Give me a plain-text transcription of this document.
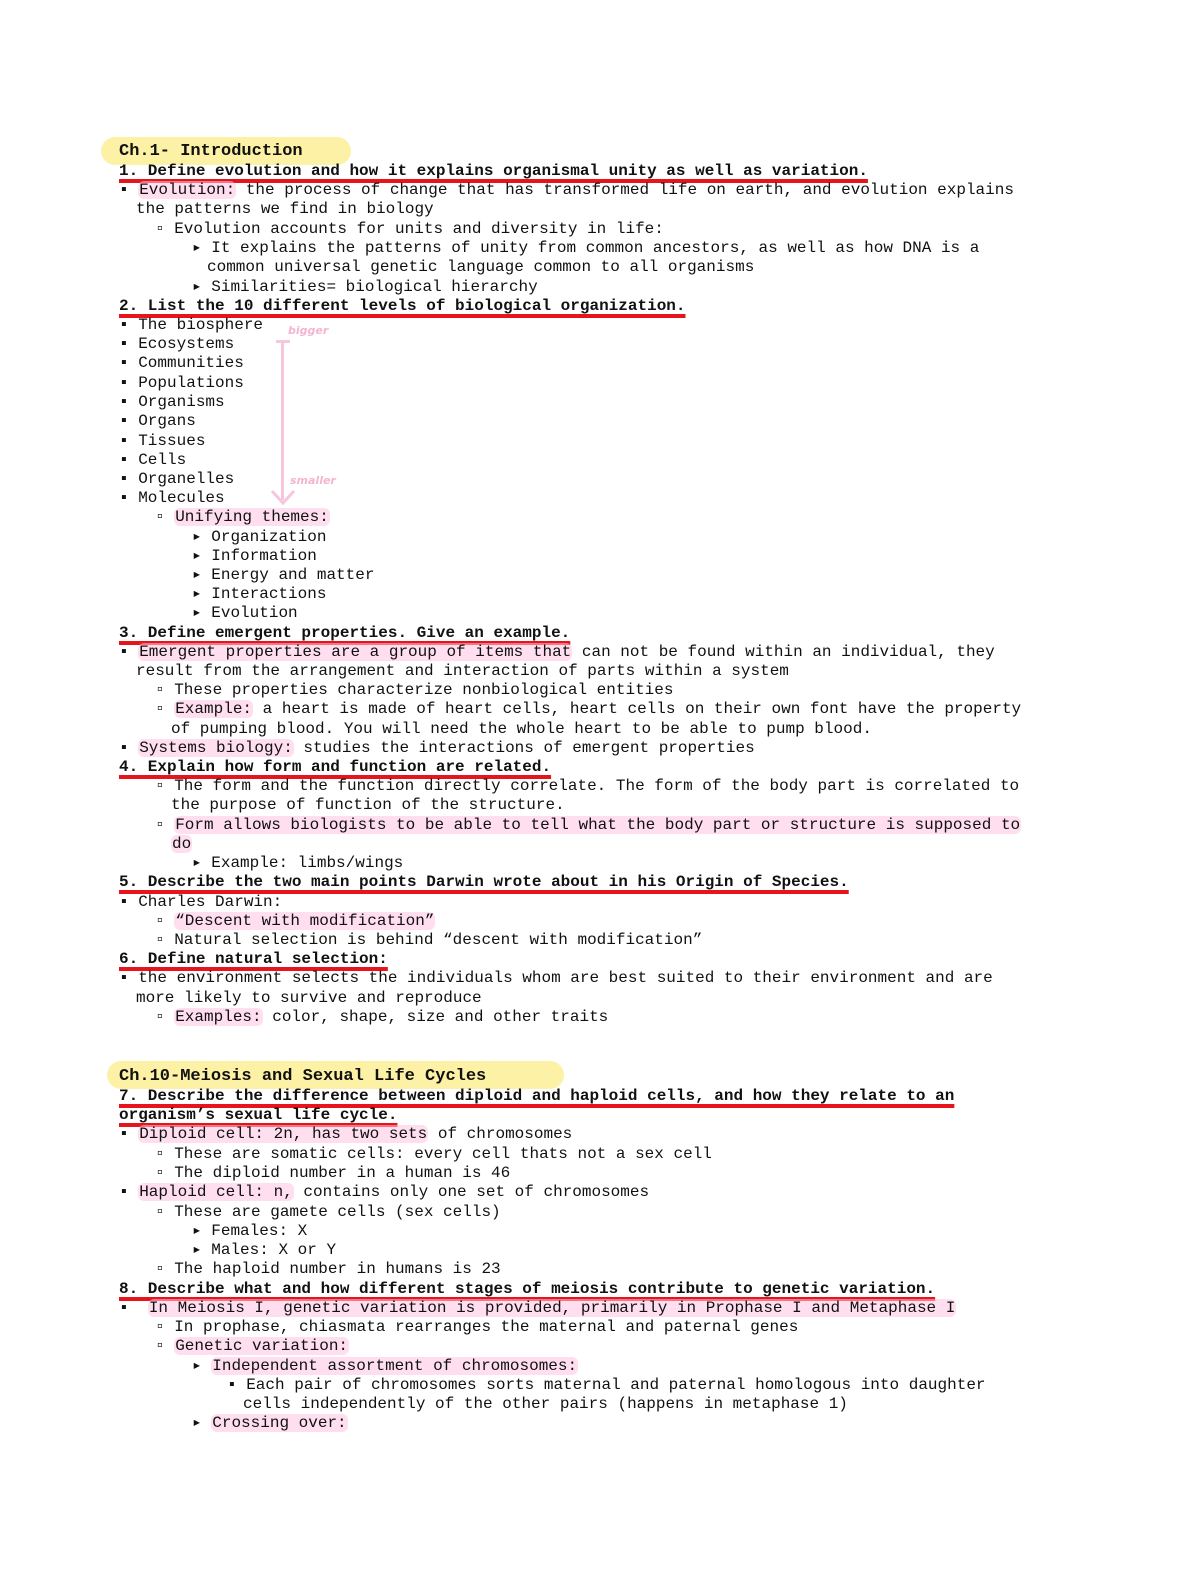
Ch.1- Introduction
1. Define evolution and how it explains organismal unity as well as variation.
▪ Evolution: the process of change that has transformed life on earth, and evolution explains
the patterns we find in biology
▫ Evolution accounts for units and diversity in life:
▸ It explains the patterns of unity from common ancestors, as well as how DNA is a
common universal genetic language common to all organisms
▸ Similarities= biological hierarchy
2. List the 10 different levels of biological organization.
▪ The biosphere
▪ Ecosystems
▪ Communities
▪ Populations
▪ Organisms
▪ Organs
▪ Tissues
▪ Cells
▪ Organelles
▪ Molecules
bigger
smaller
▫ Unifying themes:
▸ Organization
▸ Information
▸ Energy and matter
▸ Interactions
▸ Evolution
3. Define emergent properties. Give an example.
▪ Emergent properties are a group of items that can not be found within an individual, they
result from the arrangement and interaction of parts within a system
▫ These properties characterize nonbiological entities
▫ Example: a heart is made of heart cells, heart cells on their own font have the property
of pumping blood. You will need the whole heart to be able to pump blood.
▪ Systems biology: studies the interactions of emergent properties
4. Explain how form and function are related.
▫ The form and the function directly correlate. The form of the body part is correlated to
the purpose of function of the structure.
▫ Form allows biologists to be able to tell what the body part or structure is supposed to
do
▸ Example: limbs/wings
5. Describe the two main points Darwin wrote about in his Origin of Species.
▪ Charles Darwin:
▫ “Descent with modification”
▫ Natural selection is behind “descent with modification”
6. Define natural selection:
▪ the environment selects the individuals whom are best suited to their environment and are
more likely to survive and reproduce
▫ Examples: color, shape, size and other traits
Ch.10-Meiosis and Sexual Life Cycles
7. Describe the difference between diploid and haploid cells, and how they relate to an
organism’s sexual life cycle.
▪ Diploid cell: 2n, has two sets of chromosomes
▫ These are somatic cells: every cell thats not a sex cell
▫ The diploid number in a human is 46
▪ Haploid cell: n, contains only one set of chromosomes
▫ These are gamete cells (sex cells)
▸ Females: X
▸ Males: X or Y
▫ The haploid number in humans is 23
8. Describe what and how different stages of meiosis contribute to genetic variation.
▪  In Meiosis I, genetic variation is provided, primarily in Prophase I and Metaphase I
▫ In prophase, chiasmata rearranges the maternal and paternal genes
▫ Genetic variation:
▸ Independent assortment of chromosomes:
▪ Each pair of chromosomes sorts maternal and paternal homologous into daughter
cells independently of the other pairs (happens in metaphase 1)
▸ Crossing over:
